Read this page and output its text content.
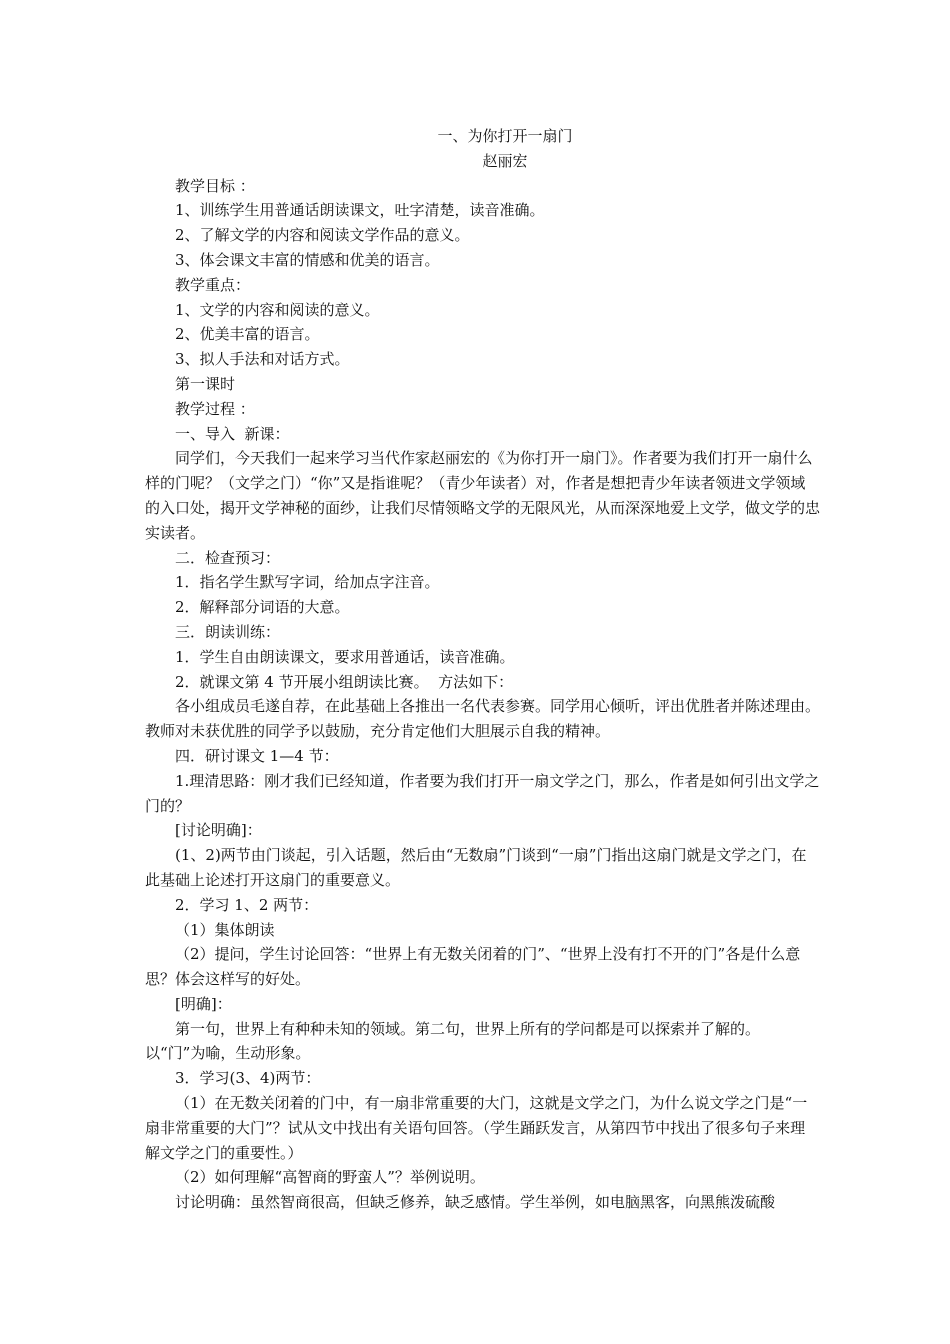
一、为你打开一扇门

赵丽宏

教学目标 ：

1、训练学生用普通话朗读课文，吐字清楚，读音准确。

2、了解文学的内容和阅读文学作品的意义。

3、体会课文丰富的情感和优美的语言。

教学重点：

1、文学的内容和阅读的意义。

2、优美丰富的语言。

3、拟人手法和对话方式。

第一课时

教学过程 ：

一、导入  新课：

同学们，今天我们一起来学习当代作家赵丽宏的《为你打开一扇门》。作者要为我们打开一扇什么样的门呢？（文学之门）“你”又是指谁呢？（青少年读者）对，作者是想把青少年读者领进文学领域的入口处，揭开文学神秘的面纱，让我们尽情领略文学的无限风光，从而深深地爱上文学，做文学的忠实读者。

二．检查预习：

1．指名学生默写字词，给加点字注音。

2．解释部分词语的大意。

三．朗读训练：

1．学生自由朗读课文，要求用普通话，读音准确。

2．就课文第 4 节开展小组朗读比赛。  方法如下：

各小组成员毛遂自荐，在此基础上各推出一名代表参赛。同学用心倾听，评出优胜者并陈述理由。教师对未获优胜的同学予以鼓励，充分肯定他们大胆展示自我的精神。

四．研讨课文 1—4 节：

1.理清思路：刚才我们已经知道，作者要为我们打开一扇文学之门，那么，作者是如何引出文学之门的？

[讨论明确]：

(1、2)两节由门谈起，引入话题，然后由“无数扇”门谈到“一扇”门指出这扇门就是文学之门，在此基础上论述打开这扇门的重要意义。

2．学习 1、2 两节：

（1）集体朗读

（2）提问，学生讨论回答：“世界上有无数关闭着的门”、“世界上没有打不开的门”各是什么意思？体会这样写的好处。

[明确]：

第一句，世界上有种种未知的领域。第二句，世界上所有的学问都是可以探索并了解的。以“门”为喻，生动形象。

3．学习(3、4)两节：

（1）在无数关闭着的门中，有一扇非常重要的大门，这就是文学之门，为什么说文学之门是“一扇非常重要的大门”？试从文中找出有关语句回答。（学生踊跃发言，从第四节中找出了很多句子来理解文学之门的重要性。）

（2）如何理解“高智商的野蛮人”？举例说明。

讨论明确：虽然智商很高，但缺乏修养，缺乏感情。学生举例，如电脑黑客，向黑熊泼硫酸
